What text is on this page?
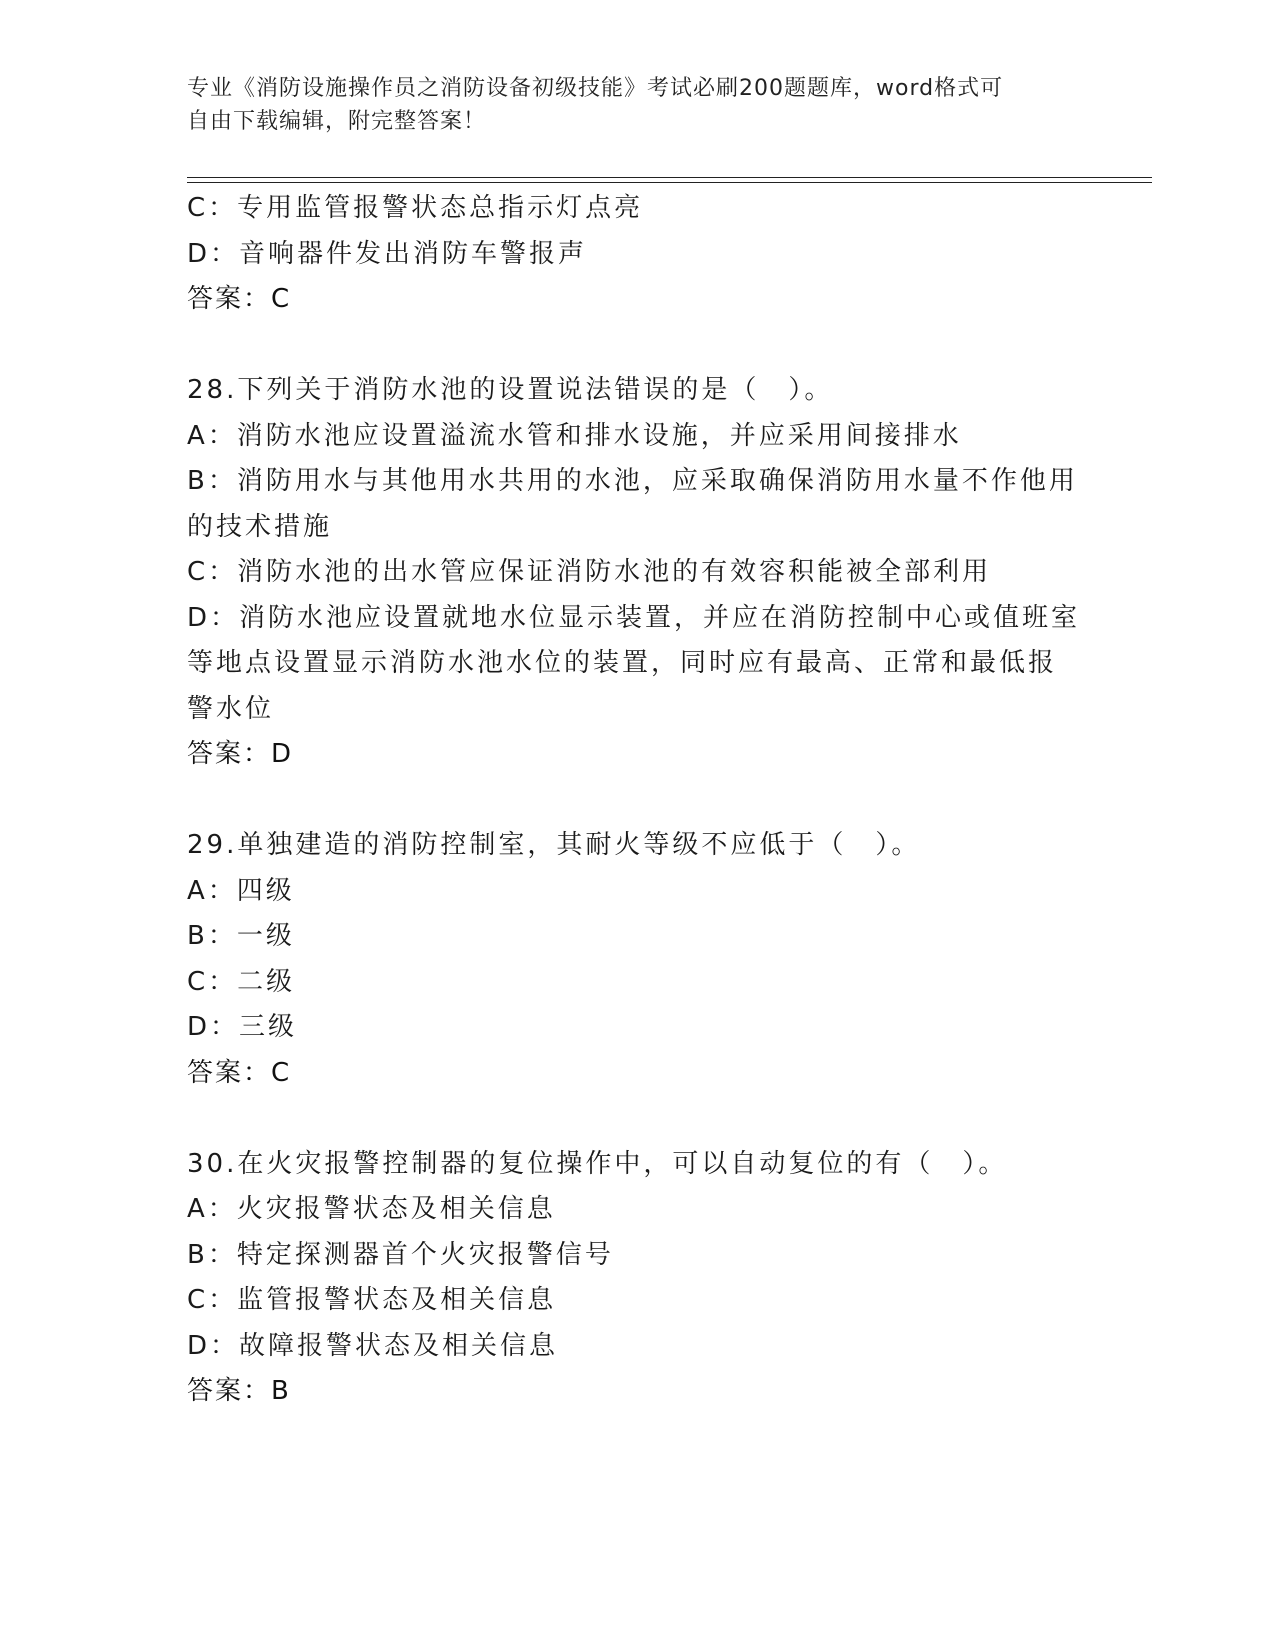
专业《消防设施操作员之消防设备初级技能》考试必刷200题题库，word格式可
自由下载编辑，附完整答案！
C：专用监管报警状态总指示灯点亮
D：音响器件发出消防车警报声
答案：C
28.下列关于消防水池的设置说法错误的是（　）。
A：消防水池应设置溢流水管和排水设施，并应采用间接排水
B：消防用水与其他用水共用的水池，应采取确保消防用水量不作他用
的技术措施
C：消防水池的出水管应保证消防水池的有效容积能被全部利用
D：消防水池应设置就地水位显示装置，并应在消防控制中心或值班室
等地点设置显示消防水池水位的装置，同时应有最高、正常和最低报
警水位
答案：D
29.单独建造的消防控制室，其耐火等级不应低于（　）。
A：四级
B：一级
C：二级
D：三级
答案：C
30.在火灾报警控制器的复位操作中，可以自动复位的有（　）。
A：火灾报警状态及相关信息
B：特定探测器首个火灾报警信号
C：监管报警状态及相关信息
D：故障报警状态及相关信息
答案：B
